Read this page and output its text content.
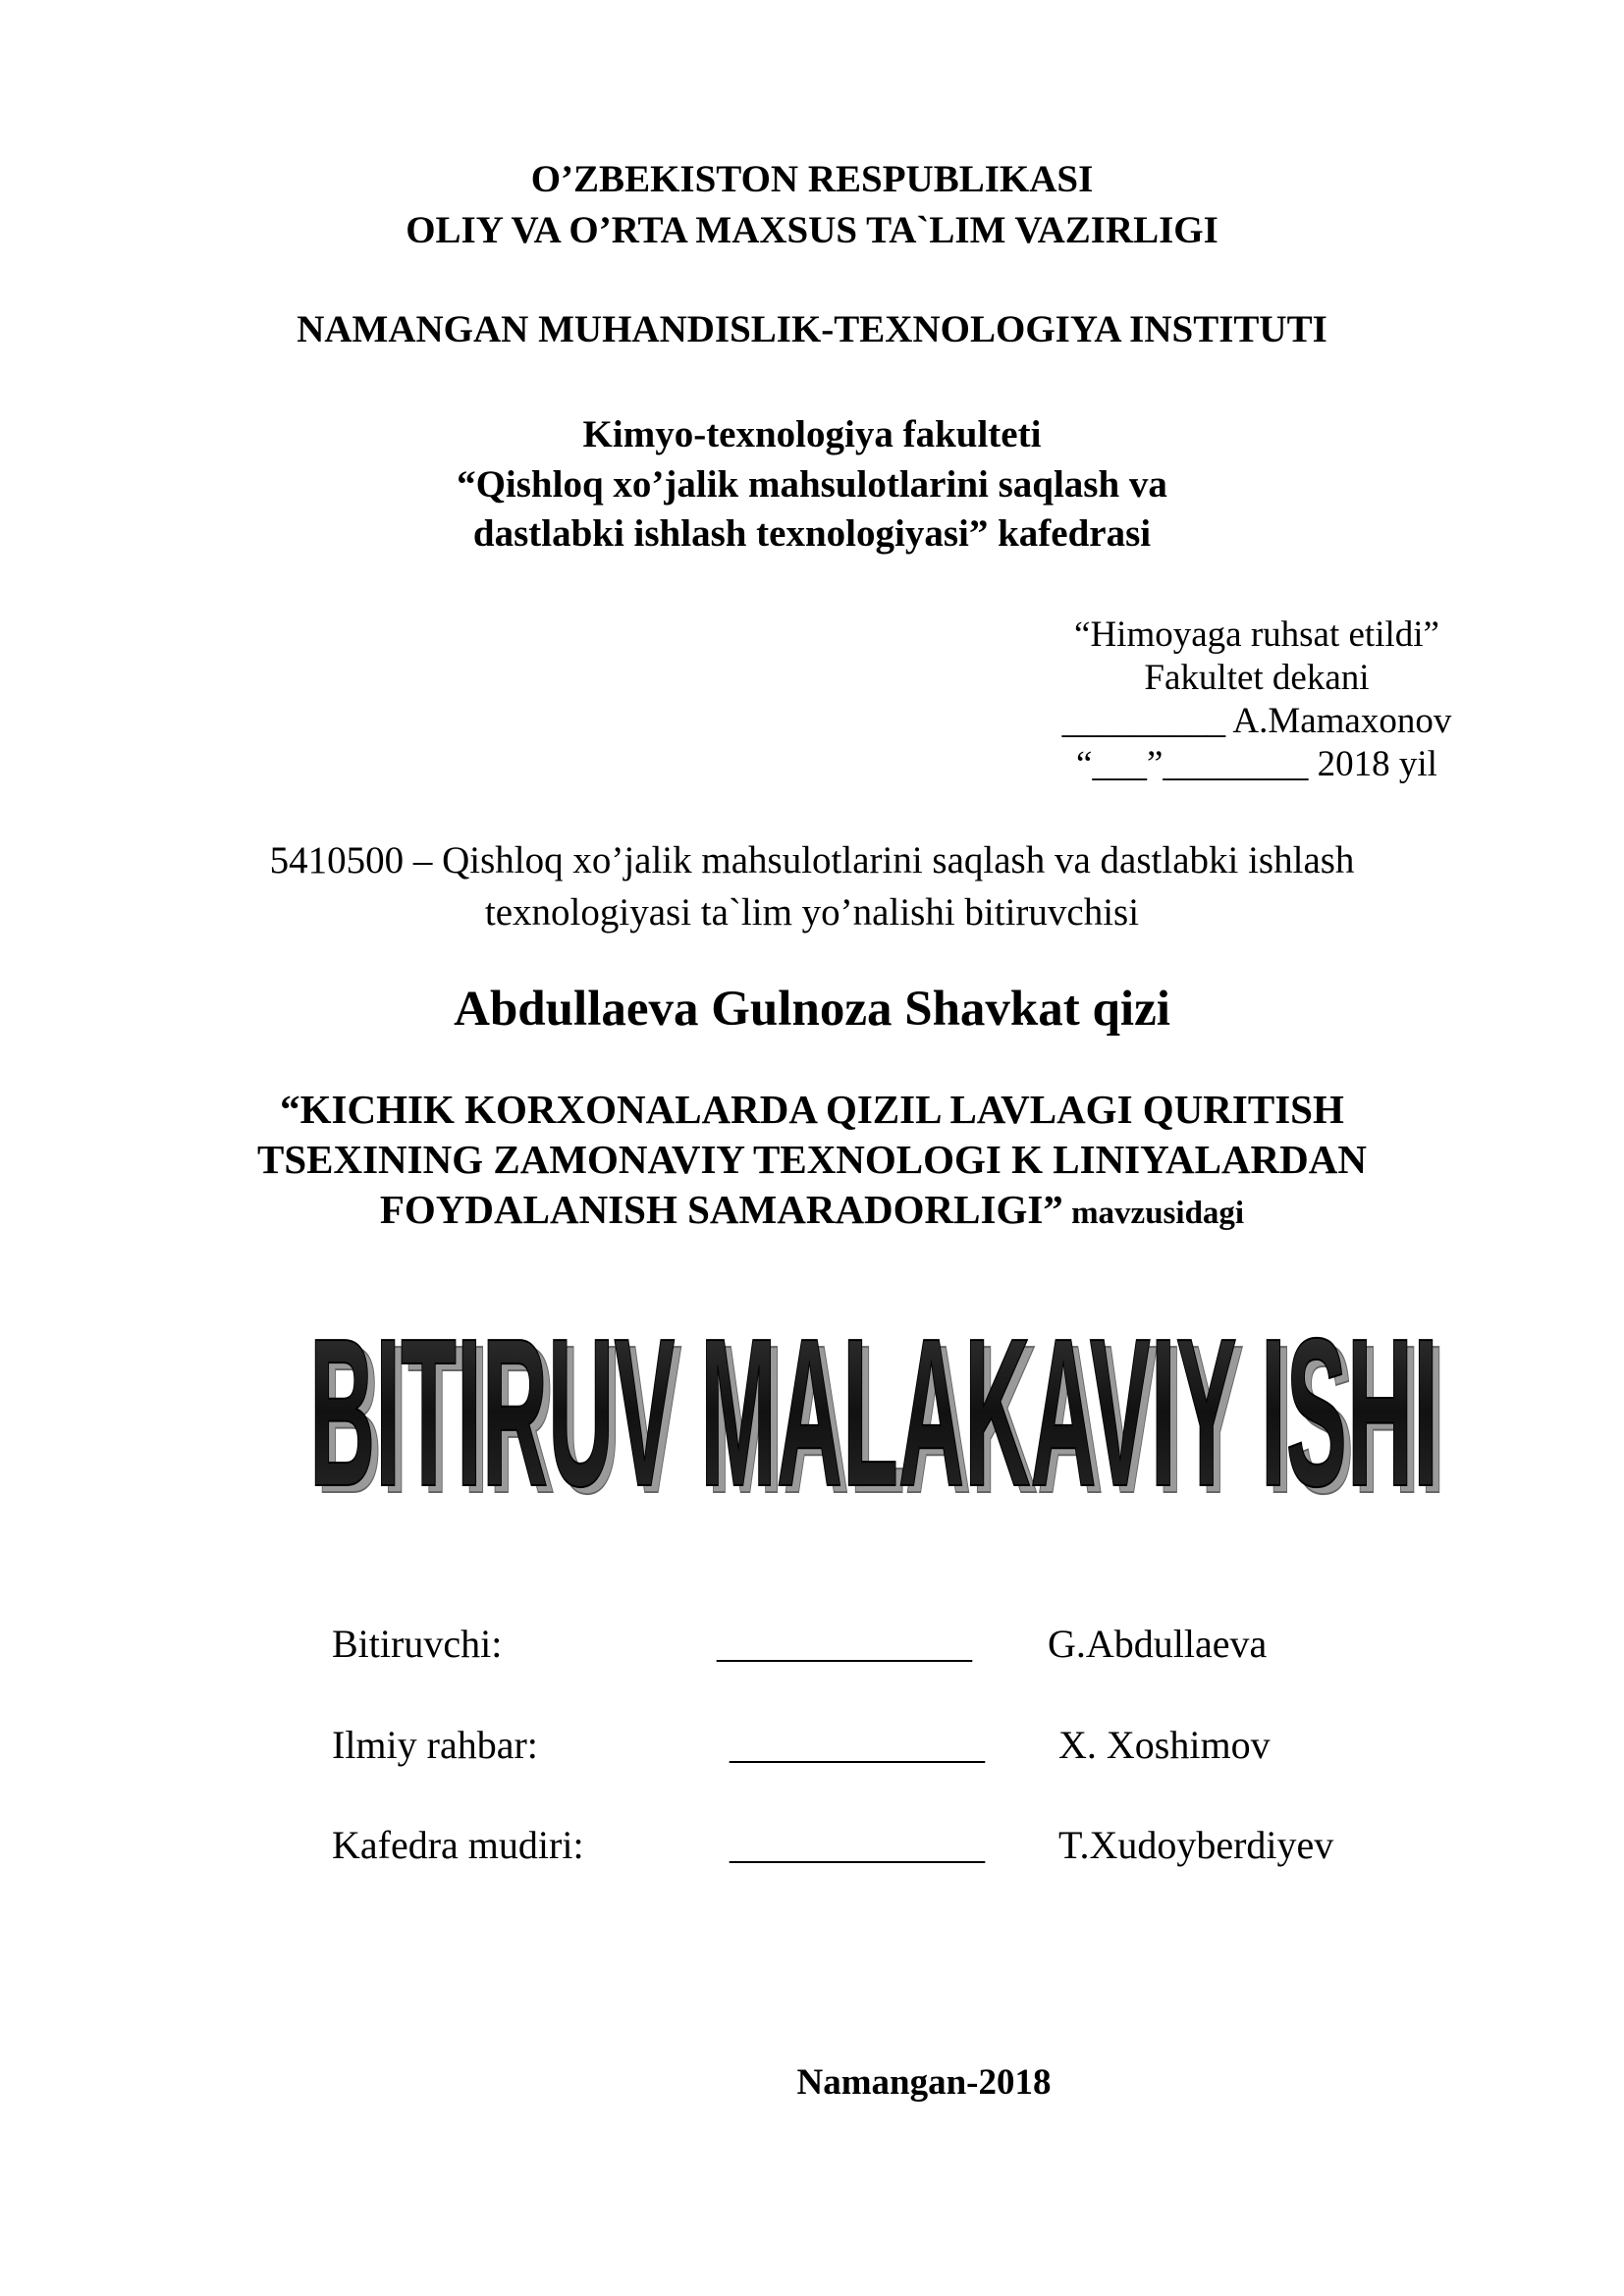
O’ZBEKISTON RESPUBLIKASI
OLIY VA O’RTA MAXSUS TA`LIM VAZIRLIGI
NAMANGAN MUHANDISLIK-TEXNOLOGIYA INSTITUTI
Kimyo-texnologiya fakulteti
“Qishloq xo’jalik mahsulotlarini saqlash va
dastlabki ishlash texnologiyasi” kafedrasi
“Himoyaga ruhsat etildi”
Fakultet dekani
_________ A.Mamaxonov
“___”________ 2018 yil
5410500 – Qishloq xo’jalik mahsulotlarini saqlash va dastlabki ishlash
texnologiyasi ta`lim yo’nalishi bitiruvchisi
Abdullaeva Gulnoza Shavkat qizi
“KICHIK KORXONALARDA QIZIL LAVLAGI QURITISH
TSEXINING ZAMONAVIY TEXNOLOGI K LINIYALARDAN
FOYDALANISH SAMARADORLIGI” mavzusidagi
BITIRUV MALAKAVIY ISHI
BITIRUV MALAKAVIY ISHI
Bitiruvchi:	_____________ G.Abdullaeva
Ilmiy rahbar:	_____________ X. Xoshimov
Kafedra mudiri:	_____________ T.Xudoyberdiyev
Namangan-2018
